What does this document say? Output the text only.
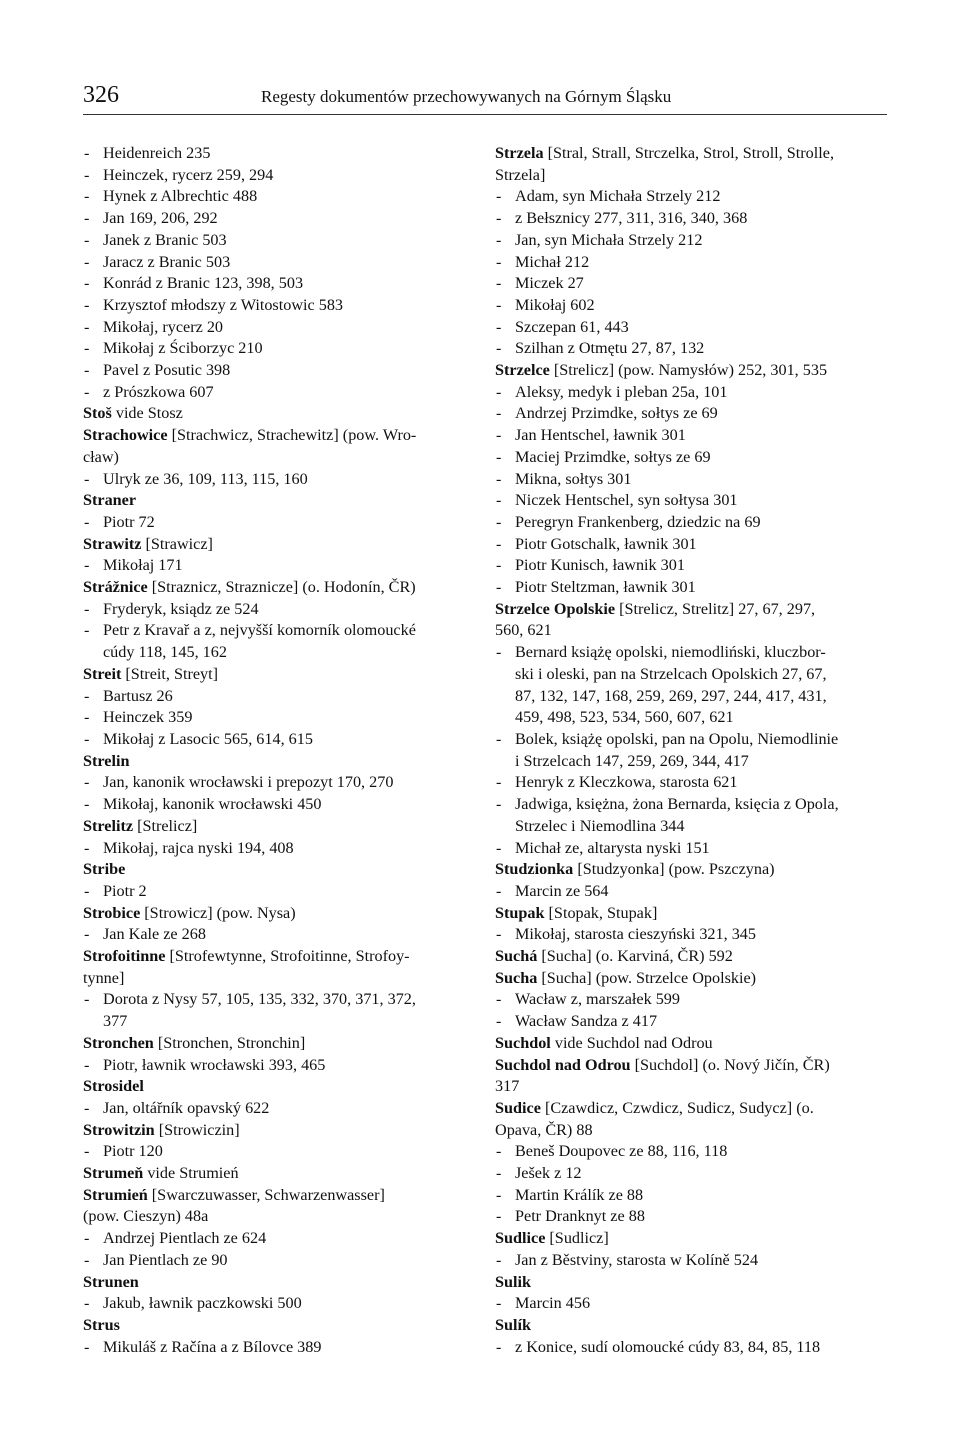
326	Regesty dokumentów przechowywanych na Górnym Śląsku
- Heidenreich 235
- Heinczek, rycerz 259, 294
- Hynek z Albrechtic 488
- Jan 169, 206, 292
- Janek z Branic 503
- Jaracz z Branic 503
- Konrád z Branic 123, 398, 503
- Krzysztof młodszy z Witostowic 583
- Mikołaj, rycerz 20
- Mikołaj z Ściborzyc 210
- Pavel z Posutic 398
- z Prószkowa 607
Stoš vide Stosz
Strachowice [Strachwicz, Strachewitz] (pow. Wro-
cław)
- Ulryk ze 36, 109, 113, 115, 160
Straner
- Piotr 72
Strawitz [Strawicz]
- Mikołaj 171
Strážnice [Straznicz, Straznicze] (o. Hodonín, ČR)
- Fryderyk, ksiądz ze 524
- Petr z Kravař a z, nejvyšší komorník olomoucké
cúdy 118, 145, 162
Streit [Streit, Streyt]
- Bartusz 26
- Heinczek 359
- Mikołaj z Lasocic 565, 614, 615
Strelin
- Jan, kanonik wrocławski i prepozyt 170, 270
- Mikołaj, kanonik wrocławski 450
Strelitz [Strelicz]
- Mikołaj, rajca nyski 194, 408
Stribe
- Piotr 2
Strobice [Strowicz] (pow. Nysa)
- Jan Kale ze 268
Strofoitinne [Strofewtynne, Strofoitinne, Strofoy-
tynne]
- Dorota z Nysy 57, 105, 135, 332, 370, 371, 372,
377
Stronchen [Stronchen, Stronchin]
- Piotr, ławnik wrocławski 393, 465
Strosidel
- Jan, oltářník opavský 622
Strowitzin [Strowiczin]
- Piotr 120
Strumeň vide Strumień
Strumień [Swarczuwasser, Schwarzenwasser]
(pow. Cieszyn) 48a
- Andrzej Pientlach ze 624
- Jan Pientlach ze 90
Strunen
- Jakub, ławnik paczkowski 500
Strus
- Mikuláš z Račína a z Bílovce 389
Strzela [Stral, Strall, Strczelka, Strol, Stroll, Strolle,
Strzela]
- Adam, syn Michała Strzely 212
- z Bełsznicy 277, 311, 316, 340, 368
- Jan, syn Michała Strzely 212
- Michał 212
- Miczek 27
- Mikołaj 602
- Szczepan 61, 443
- Szilhan z Otmętu 27, 87, 132
Strzelce [Strelicz] (pow. Namysłów) 252, 301, 535
- Aleksy, medyk i pleban 25a, 101
- Andrzej Przimdke, sołtys ze 69
- Jan Hentschel, ławnik 301
- Maciej Przimdke, sołtys ze 69
- Mikna, sołtys 301
- Niczek Hentschel, syn sołtysa 301
- Peregryn Frankenberg, dziedzic na 69
- Piotr Gotschalk, ławnik 301
- Piotr Kunisch, ławnik 301
- Piotr Steltzman, ławnik 301
Strzelce Opolskie [Strelicz, Strelitz] 27, 67, 297,
560, 621
- Bernard książę opolski, niemodliński, kluczbor-
ski i oleski, pan na Strzelcach Opolskich 27, 67,
87, 132, 147, 168, 259, 269, 297, 244, 417, 431,
459, 498, 523, 534, 560, 607, 621
- Bolek, książę opolski, pan na Opolu, Niemodlinie
i Strzelcach 147, 259, 269, 344, 417
- Henryk z Kleczkowa, starosta 621
- Jadwiga, księżna, żona Bernarda, księcia z Opola,
Strzelec i Niemodlina 344
- Michał ze, altarysta nyski 151
Studzionka [Studzyonka] (pow. Pszczyna)
- Marcin ze 564
Stupak [Stopak, Stupak]
- Mikołaj, starosta cieszyński 321, 345
Suchá [Sucha] (o. Karviná, ČR) 592
Sucha [Sucha] (pow. Strzelce Opolskie)
- Wacław z, marszałek 599
- Wacław Sandza z 417
Suchdol vide Suchdol nad Odrou
Suchdol nad Odrou [Suchdol] (o. Nový Jičín, ČR)
317
Sudice [Czawdicz, Czwdicz, Sudicz, Sudycz] (o.
Opava, ČR) 88
- Beneš Doupovec ze 88, 116, 118
- Ješek z 12
- Martin Králík ze 88
- Petr Dranknyt ze 88
Sudlice [Sudlicz]
- Jan z Běstviny, starosta w Kolíně 524
Sulik
- Marcin 456
Sulík
- z Konice, sudí olomoucké cúdy 83, 84, 85, 118
